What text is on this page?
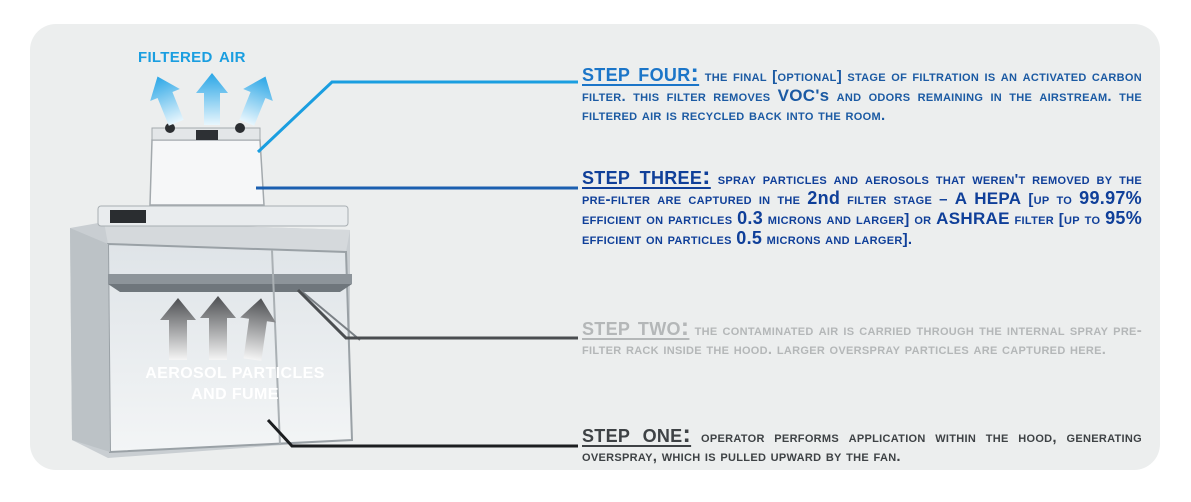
filtered air

AEROSOL PARTICLES
AND FUME

step four: the final [optional] stage of filtration is an activated carbon filter. this filter removes VOC's and odors remaining in the airstream. the filtered air is recycled back into the room.

step three: spray particles and aerosols that weren't removed by the pre-filter are captured in the 2nd filter stage – A HEPA [up to 99.97% efficient on particles 0.3 microns and larger] or ASHRAE filter [up to 95% efficient on particles 0.5 microns and larger].

step two: the contaminated air is carried through the internal spray pre-filter rack inside the hood. larger overspray particles are captured here.

step one: operator performs application within the hood, generating overspray, which is pulled upward by the fan.
